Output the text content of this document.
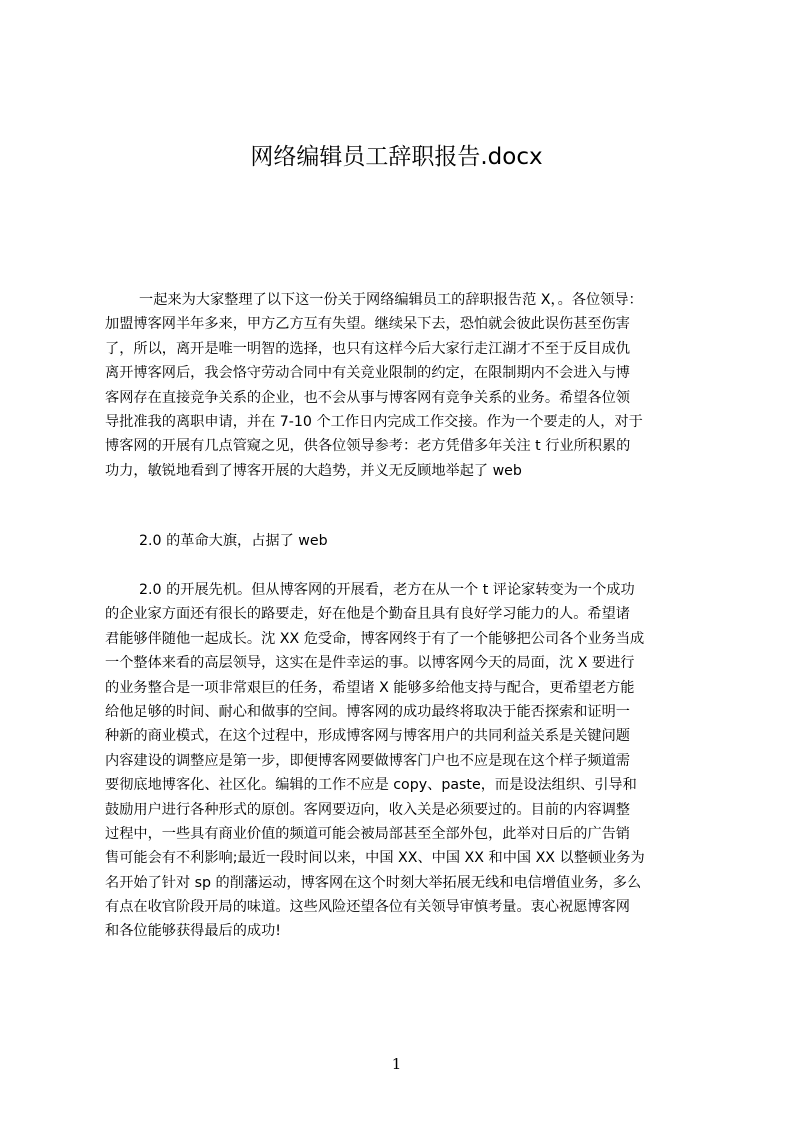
网络编辑员工辞职报告.docx
一起来为大家整理了以下这一份关于网络编辑员工的辞职报告范 X，。各位领导：
加盟博客网半年多来，甲方乙方互有失望。继续呆下去，恐怕就会彼此误伤甚至伤害
了，所以，离开是唯一明智的选择，也只有这样今后大家行走江湖才不至于反目成仇
离开博客网后，我会恪守劳动合同中有关竞业限制的约定，在限制期内不会进入与博
客网存在直接竞争关系的企业，也不会从事与博客网有竞争关系的业务。希望各位领
导批准我的离职申请，并在 7-10 个工作日内完成工作交接。作为一个要走的人，对于
博客网的开展有几点管窥之见，供各位领导参考：老方凭借多年关注 t 行业所积累的
功力，敏锐地看到了博客开展的大趋势，并义无反顾地举起了 web
2.0 的革命大旗，占据了 web
2.0 的开展先机。但从博客网的开展看，老方在从一个 t 评论家转变为一个成功
的企业家方面还有很长的路要走，好在他是个勤奋且具有良好学习能力的人。希望诸
君能够伴随他一起成长。沈 XX 危受命，博客网终于有了一个能够把公司各个业务当成
一个整体来看的高层领导，这实在是件幸运的事。以博客网今天的局面，沈 X 要进行
的业务整合是一项非常艰巨的任务，希望诸 X 能够多给他支持与配合，更希望老方能
给他足够的时间、耐心和做事的空间。博客网的成功最终将取决于能否探索和证明一
种新的商业模式，在这个过程中，形成博客网与博客用户的共同利益关系是关键问题
内容建设的调整应是第一步，即便博客网要做博客门户也不应是现在这个样子频道需
要彻底地博客化、社区化。编辑的工作不应是 copy、paste，而是设法组织、引导和
鼓励用户进行各种形式的原创。客网要迈向，收入关是必须要过的。目前的内容调整
过程中，一些具有商业价值的频道可能会被局部甚至全部外包，此举对日后的广告销
售可能会有不利影响;最近一段时间以来，中国 XX、中国 XX 和中国 XX 以整顿业务为
名开始了针对 sp 的削藩运动，博客网在这个时刻大举拓展无线和电信增值业务，多么
有点在收官阶段开局的味道。这些风险还望各位有关领导审慎考量。衷心祝愿博客网
和各位能够获得最后的成功!
1
